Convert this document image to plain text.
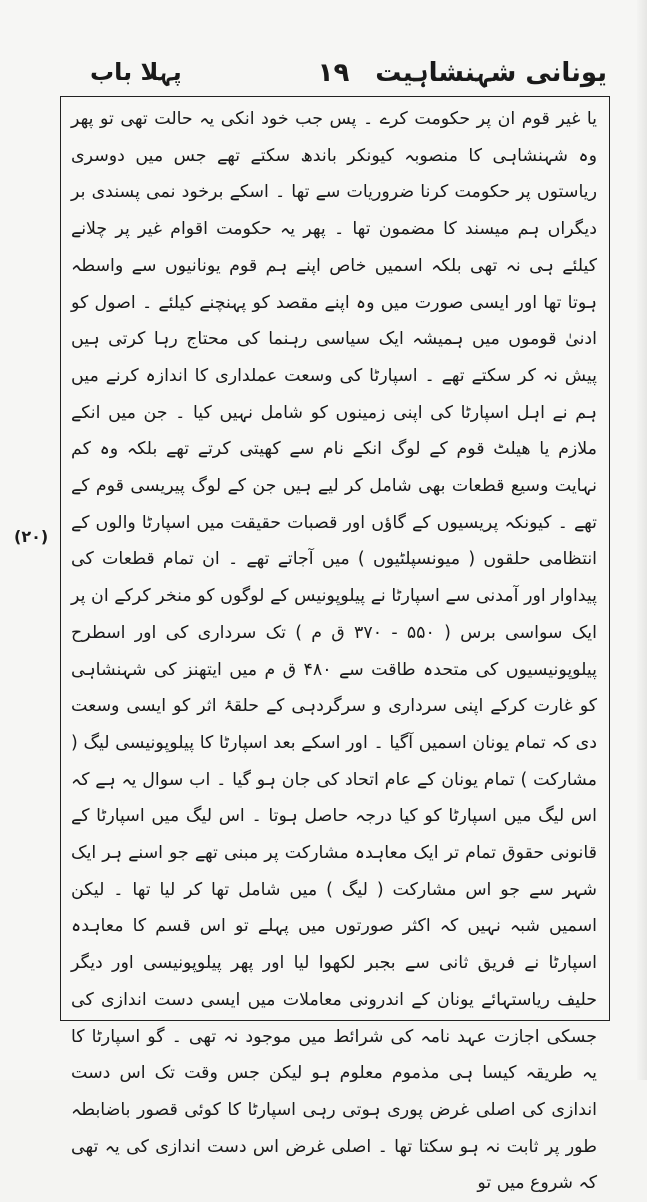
پہلا باب	۱۹ یونانی شہنشاہیت
(۲۰)
یا غیر قوم ان پر حکومت کرے ۔ پس جب خود انکی یہ حالت تھی تو پھر وہ شہنشاہی کا منصوبہ کیونکر باندھ سکتے تھے جس میں دوسری ریاستوں پر حکومت کرنا ضروریات سے تھا ۔ اسکے برخود نمی پسندی بر دیگراں ہم میسند کا مضمون تھا ۔ پھر یہ حکومت اقوام غیر پر چلانے کیلئے ہی نہ تھی بلکہ اسمیں خاص اپنے ہم قوم یونانیوں سے واسطہ ہوتا تھا اور ایسی صورت میں وہ اپنے مقصد کو پہنچنے کیلئے ۔ اصول کو ادنیٰ قوموں میں ہمیشہ ایک سیاسی رہنما کی محتاج رہا کرتی ہیں پیش نہ کر سکتے تھے ۔ اسپارٹا کی وسعت عملداری کا اندازہ کرنے میں ہم نے اہل اسپارٹا کی اپنی زمینوں کو شامل نہیں کیا ۔ جن میں انکے ملازم یا ھیلٹ قوم کے لوگ انکے نام سے کھیتی کرتے تھے بلکہ وہ کم نہایت وسیع قطعات بھی شامل کر لیے ہیں جن کے لوگ پیریسی قوم کے تھے ۔ کیونکہ پریسیوں کے گاؤں اور قصبات حقیقت میں اسپارٹا والوں کے انتظامی حلقوں ( میونسپلٹیوں ) میں آجاتے تھے ۔ ان تمام قطعات کی پیداوار اور آمدنی سے اسپارٹا نے پیلوپونیس کے لوگوں کو منخر کرکے ان پر ایک سواسی برس ( ۵۵۰ - ۳۷۰ ق م ) تک سرداری کی اور اسطرح پیلوپونیسیوں کی متحدہ طاقت سے ۴۸۰ ق م میں ایتھنز کی شہنشاہی کو غارت کرکے اپنی سرداری و سرگردہی کے حلقۂ اثر کو ایسی وسعت دی کہ تمام یونان اسمیں آگیا ۔ اور اسکے بعد اسپارٹا کا پیلوپونیسی لیگ ( مشارکت ) تمام یونان کے عام اتحاد کی جان ہو گیا ۔ اب سوال یہ ہے کہ اس لیگ میں اسپارٹا کو کیا درجہ حاصل ہوتا ۔ اس لیگ میں اسپارٹا کے قانونی حقوق تمام تر ایک معاہدہ مشارکت پر مبنی تھے جو اسنے ہر ایک شہر سے جو اس مشارکت ( لیگ ) میں شامل تھا کر لیا تھا ۔ لیکن اسمیں شبہ نہیں کہ اکثر صورتوں میں پہلے تو اس قسم کا معاہدہ اسپارٹا نے فریق ثانی سے بجبر لکھوا لیا اور پھر پیلوپونیسی اور دیگر حلیف ریاستہائے یونان کے اندرونی معاملات میں ایسی دست اندازی کی جسکی اجازت عہد نامہ کی شرائط میں موجود نہ تھی ۔ گو اسپارٹا کا یہ طریقہ کیسا ہی مذموم معلوم ہو لیکن جس وقت تک اس دست اندازی کی اصلی غرض پوری ہوتی رہی اسپارٹا کا کوئی قصور باضابطہ طور پر ثابت نہ ہو سکتا تھا ۔ اصلی غرض اس دست اندازی کی یہ تھی کہ شروع میں تو
